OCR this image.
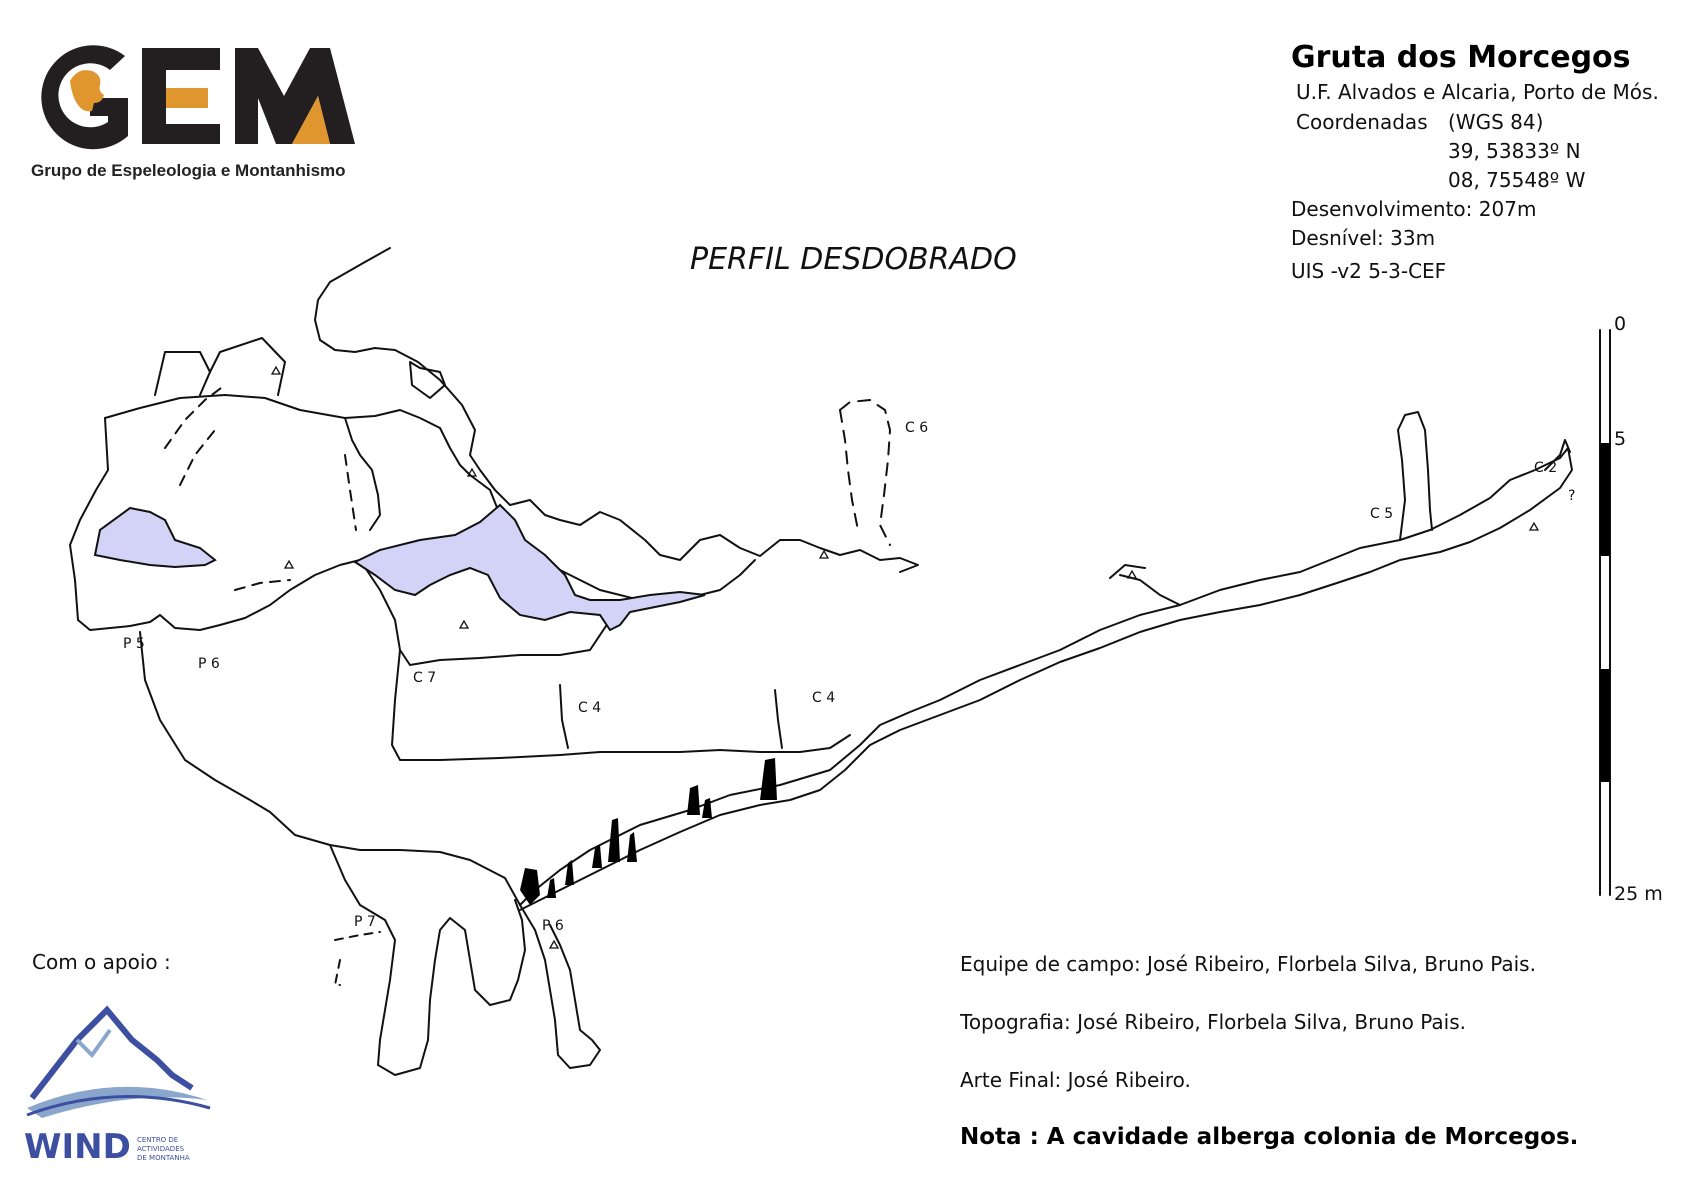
Grupo de Espeleologia e Montanhismo
Gruta dos Morcegos
U.F. Alvados e Alcaria, Porto de Mós.
Coordenadas (WGS 84)
39, 53833º N
08, 75548º W
Desenvolvimento: 207m
Desnível: 33m
UIS -v2 5-3-CEF
PERFIL DESDOBRADO
C 6
C 2
?
C 5
P 5
P 6
C 7
C 4
C 4
P 7	P 6
0
5
25 m
Com o apoio :
WIND CENTRO DE
ACTIVIDADES
DE MONTANHA
Equipe de campo: José Ribeiro, Florbela Silva, Bruno Pais.
Topografia: José Ribeiro, Florbela Silva, Bruno Pais.
Arte Final: José Ribeiro.
Nota : A cavidade alberga colonia de Morcegos.
